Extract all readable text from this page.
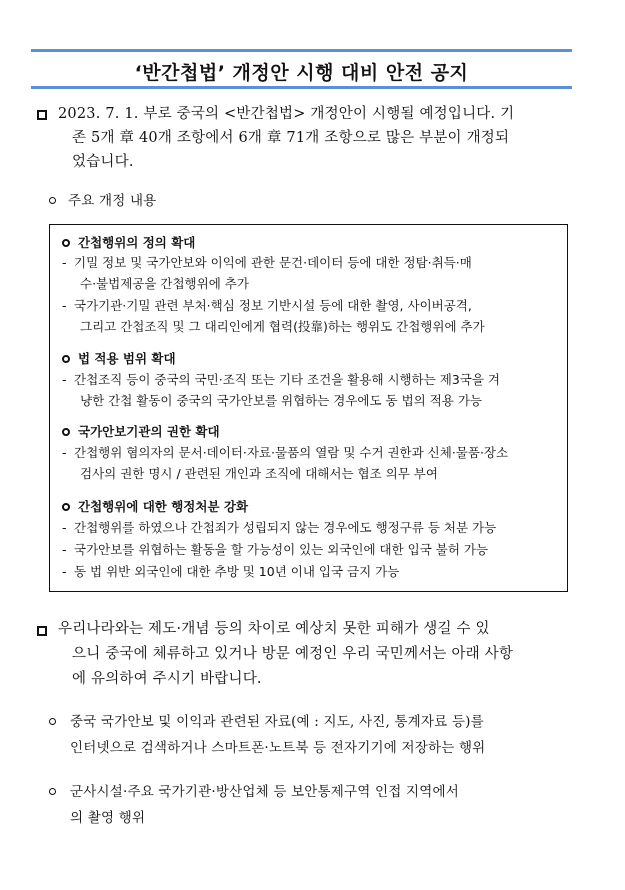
‘반간첩법’ 개정안 시행 대비 안전 공지
2023. 7. 1. 부로 중국의 <반간첩법> 개정안이 시행될 예정입니다. 기
존 5개 章 40개 조항에서 6개 章 71개 조항으로 많은 부분이 개정되
었습니다.
주요 개정 내용
간첩행위의 정의 확대
- 기밀 정보 및 국가안보와 이익에 관한 문건·데이터 등에 대한 정탐·취득·매
수·불법제공을 간첩행위에 추가
- 국가기관·기밀 관련 부처·핵심 정보 기반시설 등에 대한 촬영, 사이버공격,
그리고 간첩조직 및 그 대리인에게 협력(投靠)하는 행위도 간첩행위에 추가
법 적용 범위 확대
- 간첩조직 등이 중국의 국민·조직 또는 기타 조건을 활용해 시행하는 제3국을 겨
냥한 간첩 활동이 중국의 국가안보를 위협하는 경우에도 동 법의 적용 가능
국가안보기관의 권한 확대
- 간첩행위 혐의자의 문서·데이터·자료·물품의 열람 및 수거 권한과 신체·물품·장소
검사의 권한 명시 / 관련된 개인과 조직에 대해서는 협조 의무 부여
간첩행위에 대한 행정처분 강화
- 간첩행위를 하였으나 간첩죄가 성립되지 않는 경우에도 행정구류 등 처분 가능
- 국가안보를 위협하는 활동을 할 가능성이 있는 외국인에 대한 입국 불허 가능
- 동 법 위반 외국인에 대한 추방 및 10년 이내 입국 금지 가능
우리나라와는 제도·개념 등의 차이로 예상치 못한 피해가 생길 수 있
으니 중국에 체류하고 있거나 방문 예정인 우리 국민께서는 아래 사항
에 유의하여 주시기 바랍니다.
중국 국가안보 및 이익과 관련된 자료(예 : 지도, 사진, 통계자료 등)를
인터넷으로 검색하거나 스마트폰·노트북 등 전자기기에 저장하는 행위
군사시설·주요 국가기관·방산업체 등 보안통제구역 인접 지역에서
의 촬영 행위
